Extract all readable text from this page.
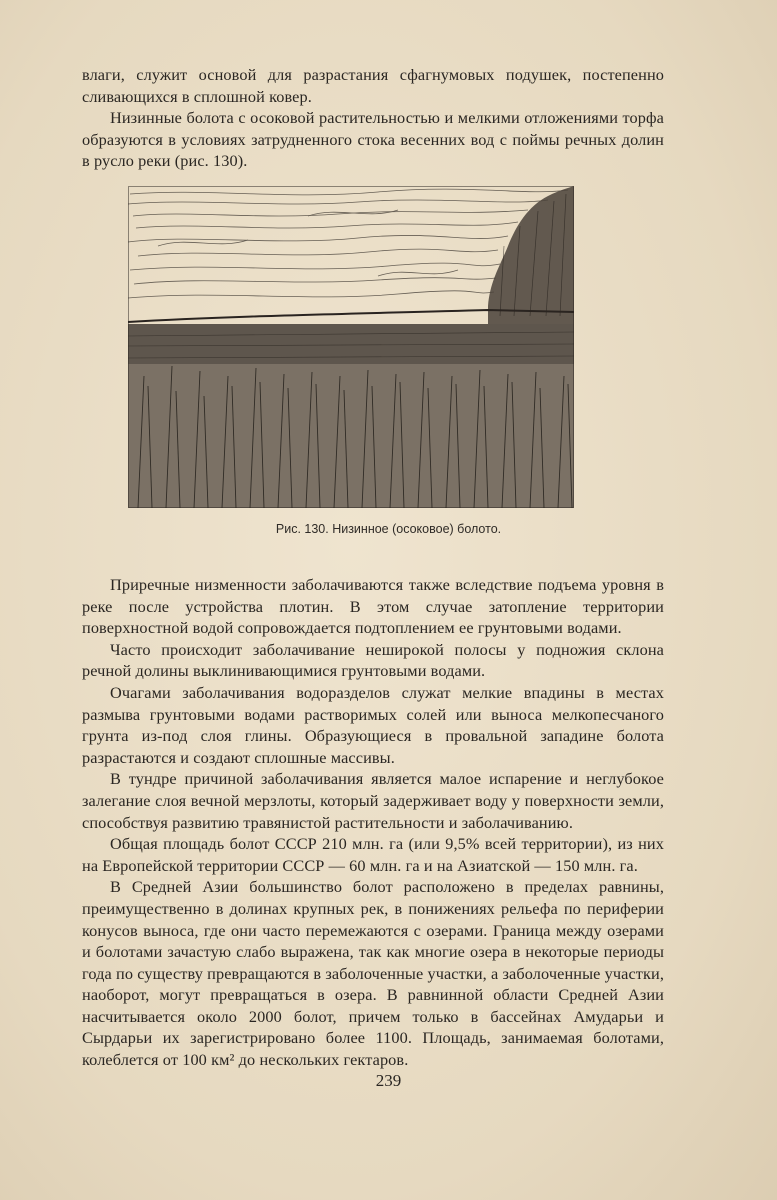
влаги, служит основой для разрастания сфагнумовых подушек, постепенно сливающихся в сплошной ковер.

Низинные болота с осоковой растительностью и мелкими отложениями торфа образуются в условиях затрудненного стока весенних вод с поймы речных долин в русло реки (рис. 130).

Рис. 130. Низинное (осоковое) болото.

Приречные низменности заболачиваются также вследствие подъема уровня в реке после устройства плотин. В этом случае затопление территории поверхностной водой сопровождается подтоплением ее грунтовыми водами.

Часто происходит заболачивание неширокой полосы у подножия склона речной долины выклинивающимися грунтовыми водами.

Очагами заболачивания водоразделов служат мелкие впадины в местах размыва грунтовыми водами растворимых солей или выноса мелкопесчаного грунта из-под слоя глины. Образующиеся в провальной западине болота разрастаются и создают сплошные массивы.

В тундре причиной заболачивания является малое испарение и неглубокое залегание слоя вечной мерзлоты, который задерживает воду у поверхности земли, способствуя развитию травянистой растительности и заболачиванию.

Общая площадь болот СССР 210 млн. га (или 9,5% всей территории), из них на Европейской территории СССР — 60 млн. га и на Азиатской — 150 млн. га.

В Средней Азии большинство болот расположено в пределах равнины, преимущественно в долинах крупных рек, в понижениях рельефа по периферии конусов выноса, где они часто перемежаются с озерами. Граница между озерами и болотами зачастую слабо выражена, так как многие озера в некоторые периоды года по существу превращаются в заболоченные участки, а заболоченные участки, наоборот, могут превращаться в озера. В равнинной области Средней Азии насчитывается около 2000 болот, причем только в бассейнах Амударьи и Сырдарьи их зарегистрировано более 1100. Площадь, занимаемая болотами, колеблется от 100 км² до нескольких гектаров.

239
